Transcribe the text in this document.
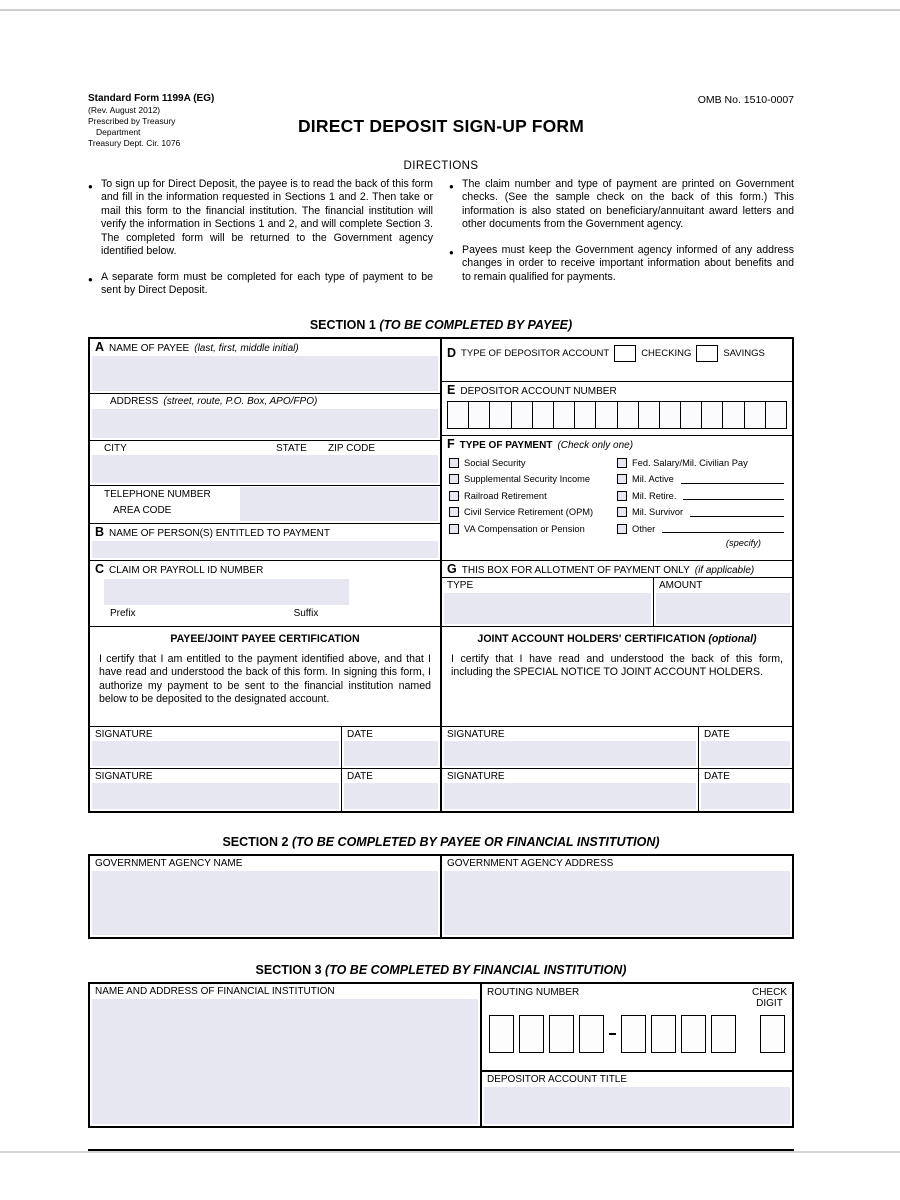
Standard Form 1199A (EG)
(Rev. August 2012)
Prescribed by Treasury
Department
Treasury Dept. Cir. 1076
DIRECT DEPOSIT SIGN-UP FORM
OMB No. 1510-0007
DIRECTIONS
●
To sign up for Direct Deposit, the payee is to read the back of this form and fill in the information requested in Sections 1 and 2. Then take or mail this form to the financial institution. The financial institution will verify the information in Sections 1 and 2, and will complete Section 3. The completed form will be returned to the Government agency identified below.
●
A separate form must be completed for each type of payment to be sent by Direct Deposit.
●
The claim number and type of payment are printed on Government checks. (See the sample check on the back of this form.) This information is also stated on beneficiary/annuitant award letters and other documents from the Government agency.
●
Payees must keep the Government agency informed of any address changes in order to receive important information about benefits and to remain qualified for payments.
SECTION 1 (TO BE COMPLETED BY PAYEE)
A NAME OF PAYEE (last, first, middle initial)
ADDRESS (street, route, P.O. Box, APO/FPO)
CITY	STATE	ZIP CODE
TELEPHONE NUMBER
AREA CODE
B NAME OF PERSON(S) ENTITLED TO PAYMENT
C CLAIM OR PAYROLL ID NUMBER
Prefix	Suffix
D TYPE OF DEPOSITOR ACCOUNT	CHECKING	SAVINGS
E DEPOSITOR ACCOUNT NUMBER
F TYPE OF PAYMENT (Check only one)
Social Security
Supplemental Security Income
Railroad Retirement
Civil Service Retirement (OPM)
VA Compensation or Pension
Fed. Salary/Mil. Civilian Pay
Mil. Active
Mil. Retire.
Mil. Survivor
Other
(specify)
G THIS BOX FOR ALLOTMENT OF PAYMENT ONLY (if applicable)
TYPE	AMOUNT
PAYEE/JOINT PAYEE CERTIFICATION
I certify that I am entitled to the payment identified above, and that I have read and understood the back of this form. In signing this form, I authorize my payment to be sent to the financial institution named below to be deposited to the designated account.
JOINT ACCOUNT HOLDERS' CERTIFICATION (optional)
I certify that I have read and understood the back of this form, including the SPECIAL NOTICE TO JOINT ACCOUNT HOLDERS.
SIGNATURE	DATE	SIGNATURE	DATE
SIGNATURE	DATE	SIGNATURE	DATE
SECTION 2 (TO BE COMPLETED BY PAYEE OR FINANCIAL INSTITUTION)
GOVERNMENT AGENCY NAME	GOVERNMENT AGENCY ADDRESS
SECTION 3 (TO BE COMPLETED BY FINANCIAL INSTITUTION)
NAME AND ADDRESS OF FINANCIAL INSTITUTION	ROUTING NUMBER	CHECK
DIGIT
DEPOSITOR ACCOUNT TITLE
